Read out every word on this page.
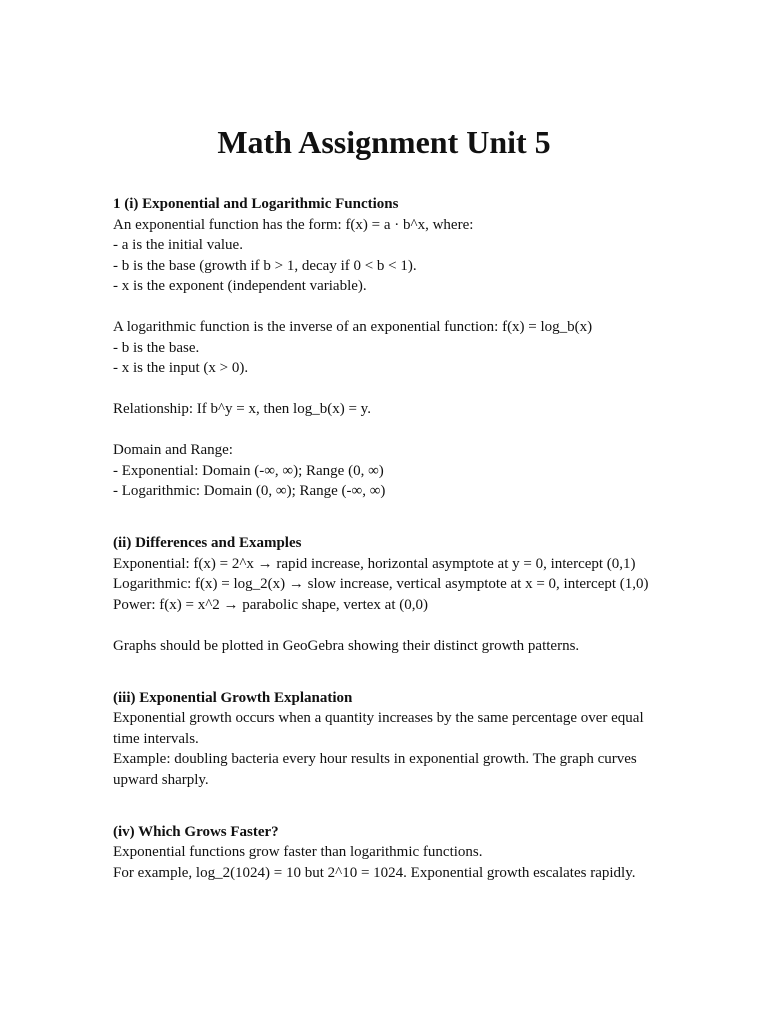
Math Assignment Unit 5

1 (i) Exponential and Logarithmic Functions

An exponential function has the form: f(x) = a · b^x, where:

- a is the initial value.

- b is the base (growth if b > 1, decay if 0 < b < 1).

- x is the exponent (independent variable).

A logarithmic function is the inverse of an exponential function: f(x) = log_b(x)

- b is the base.

- x is the input (x > 0).

Relationship: If b^y = x, then log_b(x) = y.

Domain and Range:

- Exponential: Domain (-∞, ∞); Range (0, ∞)

- Logarithmic: Domain (0, ∞); Range (-∞, ∞)

(ii) Differences and Examples

Exponential: f(x) = 2^x → rapid increase, horizontal asymptote at y = 0, intercept (0,1)

Logarithmic: f(x) = log_2(x) → slow increase, vertical asymptote at x = 0, intercept (1,0)

Power: f(x) = x^2 → parabolic shape, vertex at (0,0)

Graphs should be plotted in GeoGebra showing their distinct growth patterns.

(iii) Exponential Growth Explanation

Exponential growth occurs when a quantity increases by the same percentage over equal time intervals.

Example: doubling bacteria every hour results in exponential growth. The graph curves upward sharply.

(iv) Which Grows Faster?

Exponential functions grow faster than logarithmic functions.

For example, log_2(1024) = 10 but 2^10 = 1024. Exponential growth escalates rapidly.
